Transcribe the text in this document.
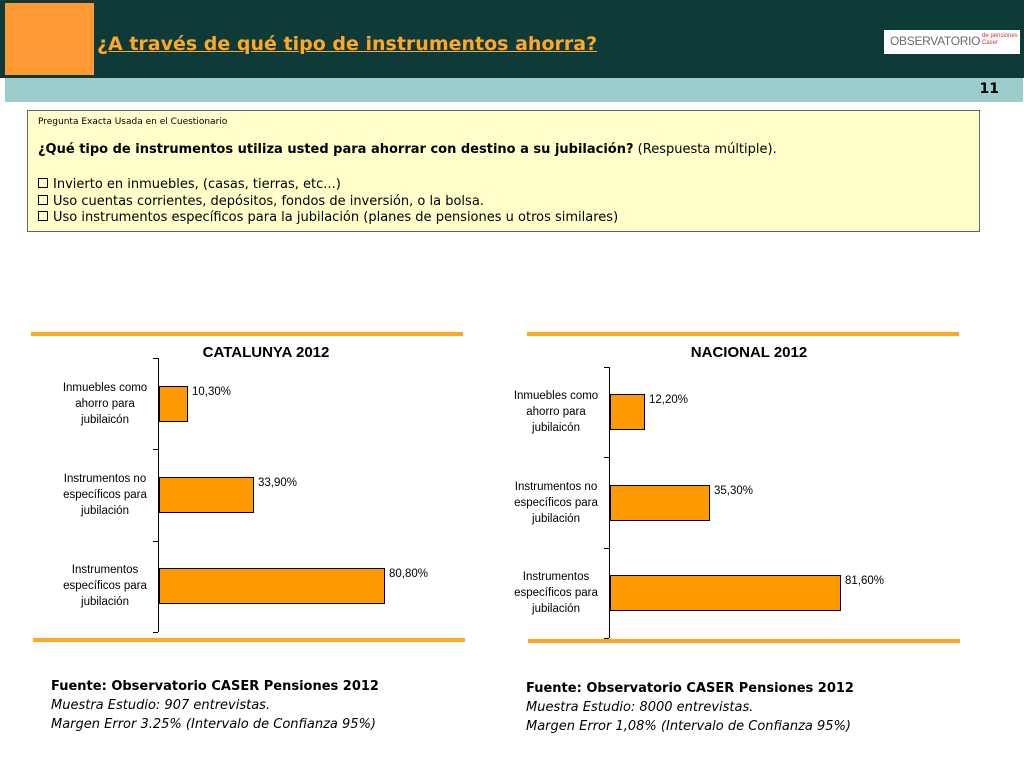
¿A través de qué tipo de instrumentos ahorra?	OBSERVATORIO de pensiones Caser
11
Pregunta Exacta Usada en el Cuestionario
¿Qué tipo de instrumentos utiliza usted para ahorrar con destino a su jubilación? (Respuesta múltiple).
Invierto en inmuebles, (casas, tierras, etc...)
Uso cuentas corrientes, depósitos, fondos de inversión, o la bolsa.
Uso instrumentos específicos para la jubilación (planes de pensiones u otros similares)
CATALUNYA 2012
10,30%
Inmuebles como
ahorro para
jubilaicón
33,90%
Instrumentos no
específicos para
jubilación
80,80%
Instrumentos
específicos para
jubilación
NACIONAL 2012
12,20%
Inmuebles como
ahorro para
jubilaicón
35,30%
Instrumentos no
específicos para
jubilación
81,60%
Instrumentos
específicos para
jubilación
Fuente: Observatorio CASER Pensiones 2012
Muestra Estudio: 907 entrevistas.
Margen Error 3.25% (Intervalo de Confianza 95%)
Fuente: Observatorio CASER Pensiones 2012
Muestra Estudio: 8000 entrevistas.
Margen Error 1,08% (Intervalo de Confianza 95%)
